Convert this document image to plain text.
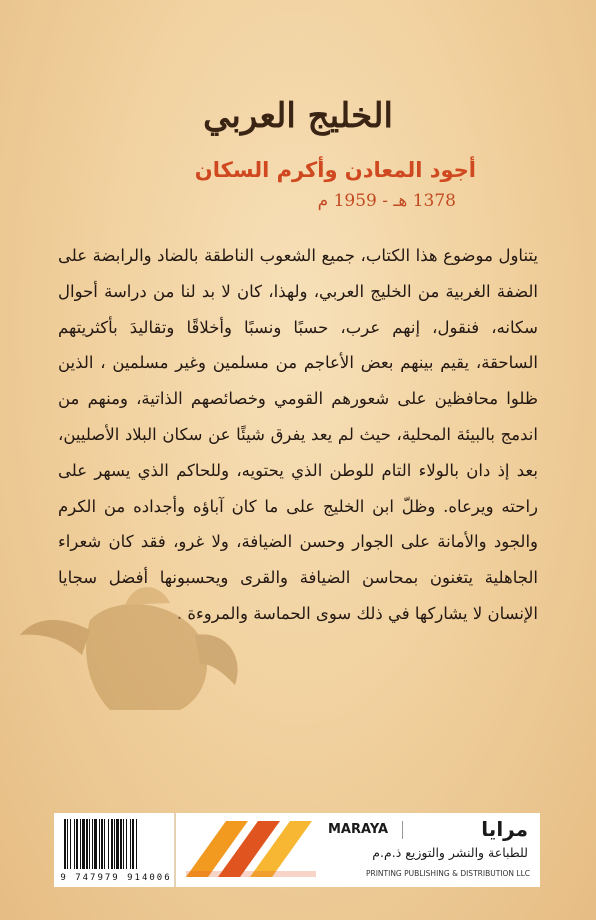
الخليج العربي
أجود المعادن وأكرم السكان
1378 هـ - 1959 م

يتناول موضوع هذا الكتاب، جميع الشعوب الناطقة بالضاد والرابضة على الضفة الغربية من الخليج العربي، ولهذا، كان لا بد لنا من دراسة أحوال سكانه، فنقول، إنهم عرب، حسبًا ونسبًا وأخلاقًا وتقاليدَ بأكثريتهم الساحقة، يقيم بينهم بعض الأعاجم من مسلمين وغير مسلمين ، الذين ظلوا محافظين على شعورهم القومي وخصائصهم الذاتية، ومنهم من اندمج بالبيئة المحلية، حيث لم يعد يفرق شيئًا عن سكان البلاد الأصليين، بعد إذ دان بالولاء التام للوطن الذي يحتويه، وللحاكم الذي يسهر على راحته ويرعاه. وظلّ ابن الخليج على ما كان آباؤه وأجداده من الكرم والجود والأمانة على الجوار وحسن الضيافة، ولا غرو، فقد كان شعراء الجاهلية يتغنون بمحاسن الضيافة والقرى ويحسبونها أفضل سجايا الإنسان لا يشاركها في ذلك سوى الحماسة والمروءة .

9 747979 914006
MARAYA	مرايا
للطباعة والنشر والتوزيع ذ.م.م
PRINTING PUBLISHING & DISTRIBUTION LLC
